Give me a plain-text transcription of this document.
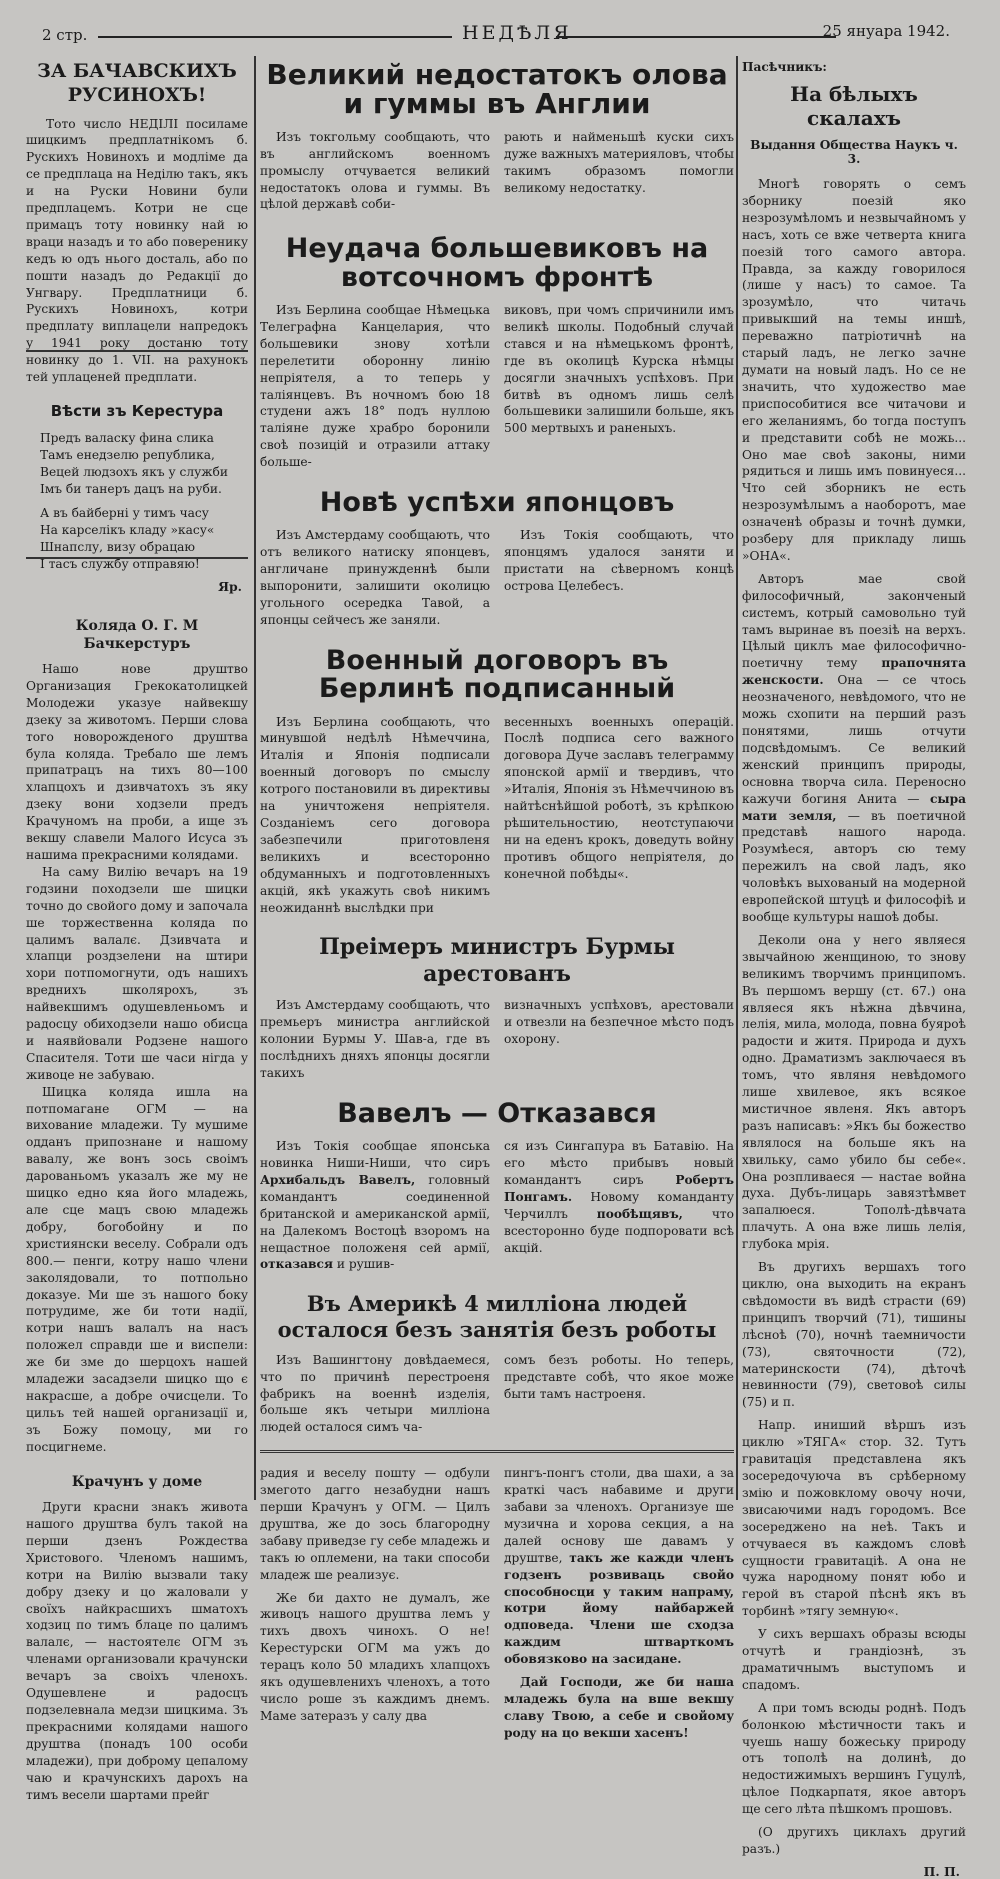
2 стр.	НЕДѢЛЯ	25 януара 1942.
ЗА БАЧАВСКИХЪ РУСИНОХЪ!

Тото число НЕДІЛІ посиламе шицкимъ предплатнікомъ б. Рускихъ Новинохъ и модліме да се предплаца на Неділю такъ, якъ и на Руски Новини були предплацемъ. Котри не сце примацъ тоту новинку най ю враци назадъ и то або поверенику кедъ ю одъ нього досталь, або по пошти назадъ до Редакції до Унгвару. Предплатници б. Рускихъ Новинохъ, котри предплату виплацели напредокъ у 1941 року достаню тоту новинку до 1. VII. на рахунокъ тей уплаценей предплати.

Вѣсти зъ Керестура

Предъ валаску фина слика

Тамъ енедзелю република,

Вецей людзохъ якъ у служби

Імъ би танеръ дацъ на руби.

А въ байберні у тимъ часу

На карселікъ кладу »касу«

Шнапслу, визу обрацаю

І тасъ службу отправяю!

Яр.
Коляда О. Г. М Бачкерстуръ

Нашо нове друштво Организация Грекокатолицкей Молодежи указуе найвекшу дзеку за животомъ. Перши слова того новорожденого друштва була коляда. Требало ше лемъ припатрацъ на тихъ 80—100 хлапцохъ и дзивчатохъ зъ яку дзеку вони ходзели предъ Крачуномъ на проби, а ище зъ векшу славели Малого Исуса зъ нашима прекрасними колядами.

На саму Вилію вечаръ на 19 годзини походзели ше шицки точно до свойого дому и започала ше торжественна коляда по цалимъ валалє. Дзивчата и хлапци роздзелени на штири хори потпомогнути, одъ нашихъ вреднихъ школярохъ, зъ найвекшимъ одушевленьомъ и радосцу обиходзели нашо обисца и наявйовали Родзене нашого Спасителя. Тоти ше часи нігда у живоце не забуваю.

Шицка коляда ишла на потпомагане ОГМ — на вихование младежи. Ту мушиме одданъ припознане и нашому вавалу, же вонъ зось своімъ дарованьомъ указалъ же му не шицко едно кяа його младежь, але сце мацъ свою младежь добру, богобойну и по християнски веселу. Cобрали одъ 800.— пенги, котру нашо члени заколядовали, то потпольно доказуе. Ми ше зъ нашого боку потрудиме, же би тоти надії, котри нашъ валалъ на насъ положел справди ше и виспели: же би зме до шерцохъ нашей младежи засадзели шицко що є накрасше, а добре очисцели. То цильъ тей нашей организації и, зъ Божу помоцу, ми го посцигнеме.

Крачунъ у доме

Други красни знакъ живота нашого друштва булъ такой на перши дзенъ Рождества Христового. Членомъ нашимъ, котри на Вилію вызвали тaку добру дзеку и цо жаловали у своїхъ найкрасшихъ шматохъ ходзиц по тимъ блаце по цалимъ валалє, — настоятелє ОГМ зъ членами организовали крачунски вечаръ за своіхъ членохъ. Одушевлене и радосцъ подзелевнала медзи шицкима. Зъ прекрасними колядами нашого друштва (понадъ 100 особи младежи), при доброму цепалому чаю и крачунскихъ дарохъ на тимъ весели шартами прейг

Великий недостатокъ олова и гуммы въ Англии

Изъ токгольму сообщають, что въ английскомъ военномъ промыслу отчувается великий недостатокъ олова и гуммы. Въ цѣлой державѣ соби-

рають и найменьшѣ куски сихъ дуже важныхъ материяловъ, чтобы такимъ образомъ помогли великому недостатку.

Неудача большевиковъ на вотсочномъ фронтѣ

Изъ Берлина сообщае Нѣмецька Телеграфна Канцелария, что большевики знову хотѣли перелетити оборонну линію непріятеля, а то теперь у таліянцевъ. Въ ночномъ бою 18 студени ажъ 18° подъ нуллою таліяне дуже храбро боронили своѣ позицій и отразили аттаку больше-

виковъ, при чомъ спричинили имъ великѣ школы. Подобный случай стався и на нѣмецькомъ фронтѣ, где въ околицѣ Курска нѣмцы досягли значныхъ успѣховъ. При битвѣ въ одномъ лишь селѣ большевики залишили больше, якъ 500 мертвыхъ и раненыхъ.

Новѣ успѣхи японцовъ

Изъ Амстердаму сообщають, что отъ великого натиску японцевъ, англичане принужденнѣ были выпоронити, залишити околицю угольного осередка Тавой, а японцы сейчесъ же заняли.

Изъ Токія сообщають, что японцямъ удалося заняти и пристати на сѣверномъ концѣ острова Целебесъ.

Военный договоръ въ Берлинѣ подписанный

Изъ Берлина сообщають, что минувшой недѣлѣ Нѣмеччина, Италія и Японія подписали военный договоръ по смыслу котрого постановили въ директивы на уничтоженя непріятеля. Созданіемъ сего договора забезпечили приготовленя великихъ и всесторонно обдуманныхъ и подготовленныхъ акцій, якѣ укажуть своѣ никимъ неожиданнѣ выслѣдки при

весенныхъ военныхъ операцій. Послѣ подписа сего важного договора Дуче заславъ телеграмму японской армії и твердивъ, что »Италія, Японія зъ Нѣмеччиною въ найтѣснѣйшой роботѣ, зъ крѣпкою рѣшительностию, неотступаючи ни на еденъ крокъ, доведуть войну противъ общого непріятеля, до конечной побѣды«.

Преімеръ министръ Бурмы арестованъ

Изъ Амстердаму сообщають, что премьеръ министра английской колонии Бурмы У. Шав-а, где въ послѣднихъ дняхъ японцы досягли такихъ

визначныхъ успѣховъ, арестовали и отвезли на безпечное мѣсто подъ охорону.

Вавелъ — Отказався

Изъ Токія сообщае японська новинка Ниши-Ниши, что сиръ Архибальдъ Вавелъ, головный командантъ соединенной британской и американской армії, на Далекомъ Востоцѣ взоромъ на нещастное положеня сей армії, отказався и рушив-

ся изъ Сингапура въ Батавію. На его мѣсто прибывъ новый командантъ сиръ Робертъ Понгамъ. Новому команданту Черчиллъ пообѣщявъ, что всесторонно буде подпоровати всѣ акцій.

Въ Америкѣ 4 милліона людей осталося безъ занятія безъ роботы

Изъ Вашингтону довѣдаемеся, что по причинѣ перестроеня фабрикъ на военнѣ изделія, больше якъ четыри милліона людей осталося симъ ча-

сомъ безъ роботы. Но теперь, представте собѣ, что якое може быти тамъ настроеня.

радия и веселу пошту — одбули змегото дагго незабудни нашъ перши Крачунъ у ОГМ. — Цилъ друштва, же до зось благородну забаву приведзе гу себе младежь и такъ ю оплемени, на таки способи младеж ше реализує.

Же би дахто не думалъ, же живоцъ нашого друштва лемъ у тихъ двохъ чиноxъ. О не! Керестурски ОГМ мa ужъ до терацъ коло 50 младихъ хлапцохъ якъ одушевленихъ членохъ, а тото число роше зъ каждимъ днемъ. Маме затеразъ у салу два

пингъ-понгъ столи, два шахи, а за краткі часъ набавиме и други забави за членохъ. Организуе ше музична и хорова секция, а на далей основу ше давамъ у друштве, такъ же кажди членъ годзенъ розвиваць свойо способносци у таким напрамy, котри йому найбаржей одповеда. Члени ше сходза каждим штварткомъ обовязково на засидане.

Дай Господи, же би наша младежь була на вше векшу славу Твою, а себе и свойому роду на цо векши хасенъ!

Пасѣчникъ:
На бѣлыхъ скалахъ
Выдання Общества Наукъ ч. 3.

Многѣ говорять о семъ зборнику поезій яко незрозумѣломъ и незвычайномъ у насъ, хоть се вже четверта книга поезій того самого автора. Правда, за кажду говорилося (лише у насъ) то самое. Та зрозумѣло, что читачь привыкший на темы иншѣ, переважно патріотичнѣ на старый ладъ, не легко зачне думати на новый ладъ. Но се не значить, что художество мае приспособитися все читачови и его желаниямъ, бо тогда поступъ и представити собѣ не можь... Оно мае своѣ законы, ними рядиться и лишь имъ повинуеся... Что сей зборникъ не есть незрозумѣлымъ а наоборотъ, мае означенѣ образы и точнѣ думки, розберу для прикладу лишь »ОНА«.

Авторъ мае свой философичный, законченый системъ, котрый самовольно туй тамъ выринае въ поезіѣ на верхъ. Цѣлый циклъ мае философично-поетичну тему прапочнята женскости. Она — се чтось неозначеного, невѣдомого, что не можь схопити на перший разъ понятями, лишь отчути подсвѣдомымъ. Се великий женский принципъ природы, основна творча сила. Переносно кажучи богиня Анита — сыра мати земля, — въ поетичной представѣ нашого народа. Розумѣеся, авторъ сю тему пережилъ на свой ладъ, яко чоловѣкъ выхованый на модерной европейской штуцѣ и философіѣ и вообще культуры нашоѣ добы.

Деколи она у него являеся звычайною женщиною, то знову великимъ творчимъ принципомъ. Въ першомъ вершу (ст. 67.) она являеся якъ нѣжна дѣвчина, лелія, мила, молода, повна буяроѣ радости и житя. Природа и духъ одно. Драматизмъ заключаеся въ томъ, что являня невѣдомого лише хвилевое, якъ всякое мистичное явленя. Якъ авторъ разъ написавъ: »Якъ бы божество являлося на больше якъ на хвильку, само убило бы себе«. Она розпливаеся — настае война духа. Дубъ-лицарь завязтѣмвет запалюеся. Тополѣ-дѣвчата плачуть. А она вже лишь лелія, глубока мрія.

Въ другихъ вершахъ того циклю, она выходить на екранъ свѣдомости въ видѣ страсти (69) принципъ творчий (71), тишины лѣсноѣ (70), ночнѣ таемничости (73), святочности (72), материнскости (74), дѣточѣ невинности (79), световоѣ силы (75) и п.

Напр. иниший вѣршъ изъ циклю »ТЯГА« стор. 32. Тутъ гравитація представлена якъ зосередочуюча въ срѣберному змію и пожовклому овочу ночи, звисаючими надъ городомъ. Все зосереджено на неѣ. Такъ и отчуваеся въ каждомъ словѣ сущности гравитаціѣ. А она не чужа народному понят юбо и герой въ старой пѣснѣ якъ въ торбинѣ »тягу земную«.

У сихъ вершахъ образы всюды отчутѣ и грандіознѣ, зъ драматичнымъ выступомъ и спадомъ.

А при томъ всюды роднѣ. Подъ болонкою мѣстичности такъ и чуешь нашу божеську природу отъ тополѣ на долинѣ, до недостижимыхъ вершинъ Гуцулѣ, цѣлое Подкарпатя, якое авторъ ще сего лѣта пѣшкомъ прошовъ.

(О другихъ циклахъ другий разъ.)

П. П.
